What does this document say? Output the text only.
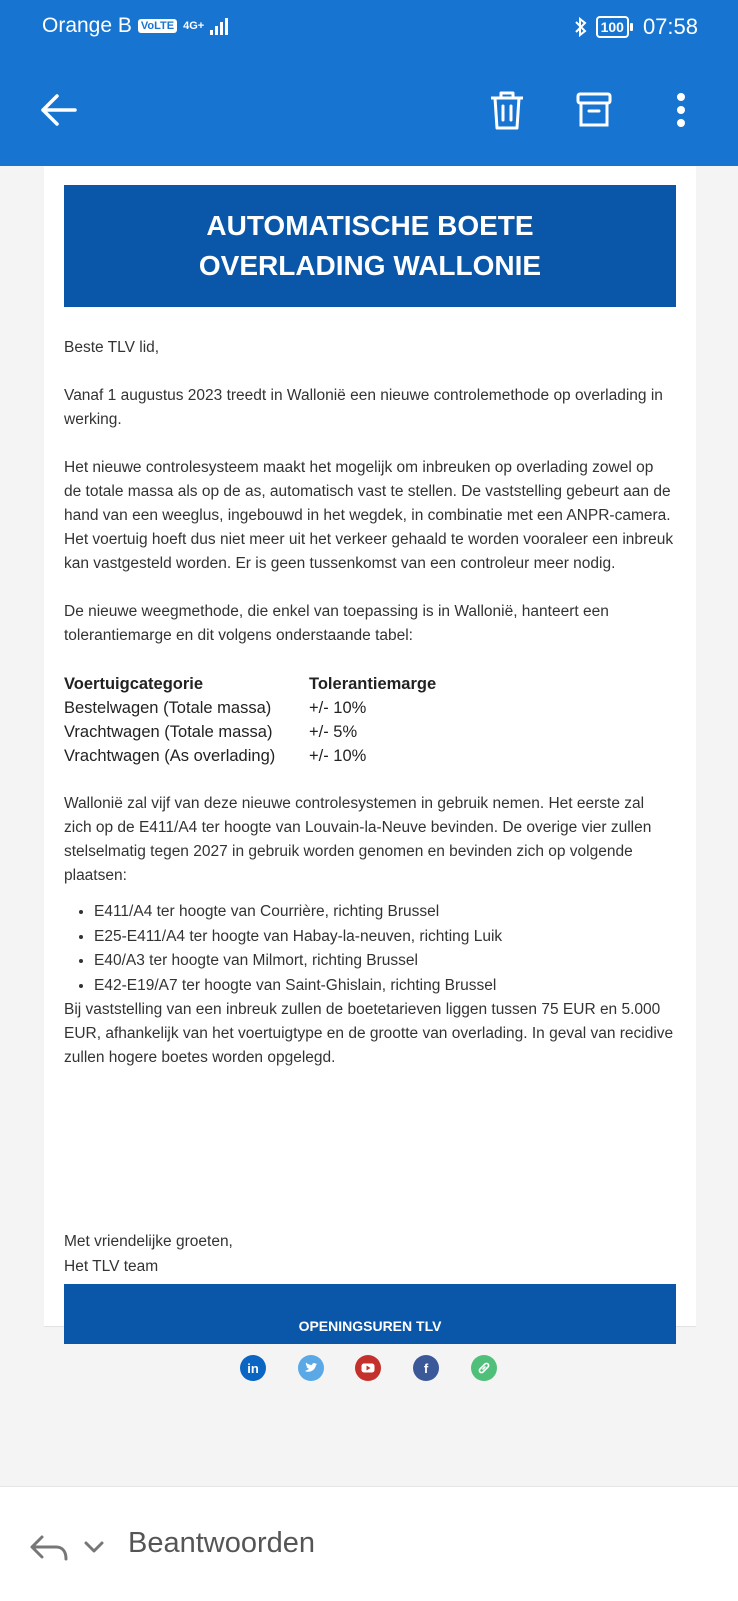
Orange B VoLTE 4G+	100 07:58
AUTOMATISCHE BOETE
OVERLADING WALLONIE

Beste TLV lid,

Vanaf 1 augustus 2023 treedt in Wallonië een nieuwe controlemethode op overlading in werking.

Het nieuwe controlesysteem maakt het mogelijk om inbreuken op overlading zowel op de totale massa als op de as, automatisch vast te stellen. De vaststelling gebeurt aan de hand van een weeglus, ingebouwd in het wegdek, in combinatie met een ANPR-camera. Het voertuig hoeft dus niet meer uit het verkeer gehaald te worden vooraleer een inbreuk kan vastgesteld worden. Er is geen tussenkomst van een controleur meer nodig.

De nieuwe weegmethode, die enkel van toepassing is in Wallonië, hanteert een tolerantiemarge en dit volgens onderstaande tabel:

Voertuigcategorie	Tolerantiemarge
Bestelwagen (Totale massa)	+/- 10%
Vrachtwagen (Totale massa)	+/- 5%
Vrachtwagen (As overlading)	+/- 10%

Wallonië zal vijf van deze nieuwe controlesystemen in gebruik nemen. Het eerste zal zich op de E411/A4 ter hoogte van Louvain-la-Neuve bevinden. De overige vier zullen stelselmatig tegen 2027 in gebruik worden genomen en bevinden zich op volgende plaatsen:

• E411/A4 ter hoogte van Courrière, richting Brussel
• E25-E411/A4 ter hoogte van Habay-la-neuven, richting Luik
• E40/A3 ter hoogte van Milmort, richting Brussel
• E42-E19/A7 ter hoogte van Saint-Ghislain, richting Brussel

Bij vaststelling van een inbreuk zullen de boetetarieven liggen tussen 75 EUR en 5.000 EUR, afhankelijk van het voertuigtype en de grootte van overlading. In geval van recidive zullen hogere boetes worden opgelegd.

Met vriendelijke groeten,
Het TLV team
in	f
OPENINGSUREN TLV
Beantwoorden
